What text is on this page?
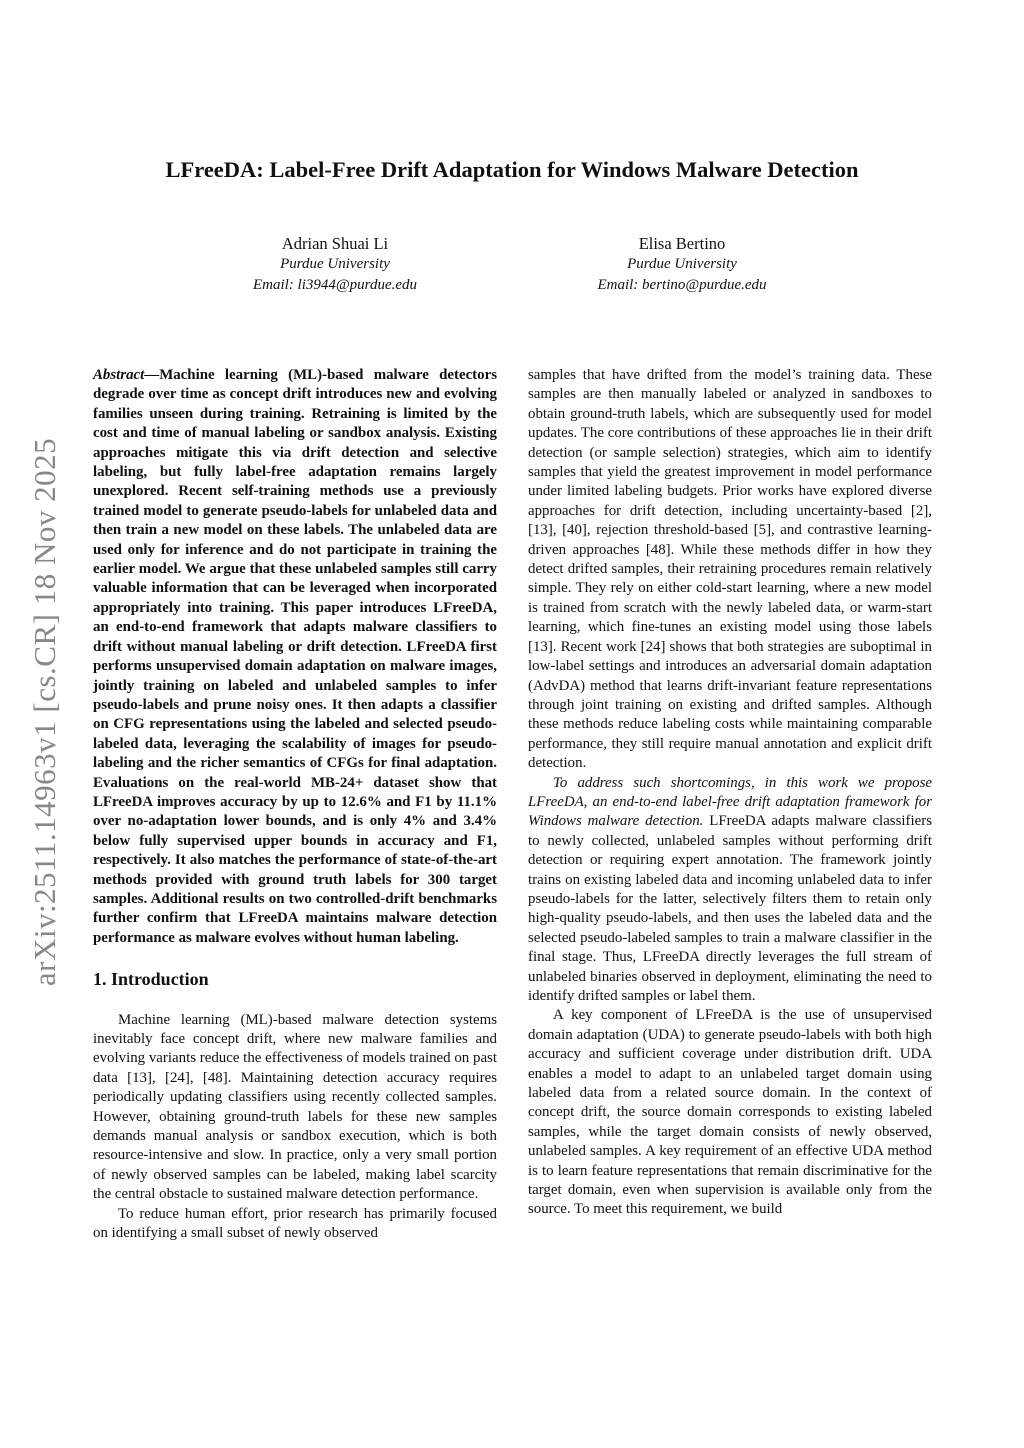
arXiv:2511.14963v1 [cs.CR] 18 Nov 2025
LFreeDA: Label-Free Drift Adaptation for Windows Malware Detection
Adrian Shuai Li
Purdue University
Email: li3944@purdue.edu
Elisa Bertino
Purdue University
Email: bertino@purdue.edu

Abstract—Machine learning (ML)-based malware detectors degrade over time as concept drift introduces new and evolving families unseen during training. Retraining is limited by the cost and time of manual labeling or sandbox analysis. Existing approaches mitigate this via drift detection and selective labeling, but fully label-free adaptation remains largely unexplored. Recent self-training methods use a previously trained model to generate pseudo-labels for unlabeled data and then train a new model on these labels. The unlabeled data are used only for inference and do not participate in training the earlier model. We argue that these unlabeled samples still carry valuable information that can be leveraged when incorporated appropriately into training. This paper introduces LFreeDA, an end-to-end framework that adapts malware classifiers to drift without manual labeling or drift detection. LFreeDA first performs unsupervised domain adaptation on malware images, jointly training on labeled and unlabeled samples to infer pseudo-labels and prune noisy ones. It then adapts a classifier on CFG representations using the labeled and selected pseudo-labeled data, leveraging the scalability of images for pseudo-labeling and the richer semantics of CFGs for final adaptation. Evaluations on the real-world MB-24+ dataset show that LFreeDA improves accuracy by up to 12.6% and F1 by 11.1% over no-adaptation lower bounds, and is only 4% and 3.4% below fully supervised upper bounds in accuracy and F1, respectively. It also matches the performance of state-of-the-art methods provided with ground truth labels for 300 target samples. Additional results on two controlled-drift benchmarks further confirm that LFreeDA maintains malware detection performance as malware evolves without human labeling.

1. Introduction

Machine learning (ML)-based malware detection systems inevitably face concept drift, where new malware families and evolving variants reduce the effectiveness of models trained on past data [13], [24], [48]. Maintaining detection accuracy requires periodically updating classifiers using recently collected samples. However, obtaining ground-truth labels for these new samples demands manual analysis or sandbox execution, which is both resource-intensive and slow. In practice, only a very small portion of newly observed samples can be labeled, making label scarcity the central obstacle to sustained malware detection performance.

To reduce human effort, prior research has primarily focused on identifying a small subset of newly observed

samples that have drifted from the model’s training data. These samples are then manually labeled or analyzed in sandboxes to obtain ground-truth labels, which are subsequently used for model updates. The core contributions of these approaches lie in their drift detection (or sample selection) strategies, which aim to identify samples that yield the greatest improvement in model performance under limited labeling budgets. Prior works have explored diverse approaches for drift detection, including uncertainty-based [2], [13], [40], rejection threshold-based [5], and contrastive learning-driven approaches [48]. While these methods differ in how they detect drifted samples, their retraining procedures remain relatively simple. They rely on either cold-start learning, where a new model is trained from scratch with the newly labeled data, or warm-start learning, which fine-tunes an existing model using those labels [13]. Recent work [24] shows that both strategies are suboptimal in low-label settings and introduces an adversarial domain adaptation (AdvDA) method that learns drift-invariant feature representations through joint training on existing and drifted samples. Although these methods reduce labeling costs while maintaining comparable performance, they still require manual annotation and explicit drift detection.

To address such shortcomings, in this work we propose LFreeDA, an end-to-end label-free drift adaptation framework for Windows malware detection. LFreeDA adapts malware classifiers to newly collected, unlabeled samples without performing drift detection or requiring expert annotation. The framework jointly trains on existing labeled data and incoming unlabeled data to infer pseudo-labels for the latter, selectively filters them to retain only high-quality pseudo-labels, and then uses the labeled data and the selected pseudo-labeled samples to train a malware classifier in the final stage. Thus, LFreeDA directly leverages the full stream of unlabeled binaries observed in deployment, eliminating the need to identify drifted samples or label them.

A key component of LFreeDA is the use of unsupervised domain adaptation (UDA) to generate pseudo-labels with both high accuracy and sufficient coverage under distribution drift. UDA enables a model to adapt to an unlabeled target domain using labeled data from a related source domain. In the context of concept drift, the source domain corresponds to existing labeled samples, while the target domain consists of newly observed, unlabeled samples. A key requirement of an effective UDA method is to learn feature representations that remain discriminative for the target domain, even when supervision is available only from the source. To meet this requirement, we build
